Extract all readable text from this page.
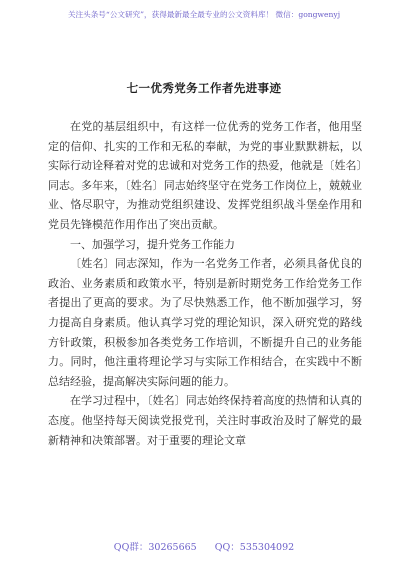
关注头条号“公文研究”，获得最新最全最专业的公文资料库！ 微信：gongwenyj
七一优秀党务工作者先进事迹

在党的基层组织中，有这样一位优秀的党务工作者，他用坚定的信仰、扎实的工作和无私的奉献，为党的事业默默耕耘，以实际行动诠释着对党的忠诚和对党务工作的热爱，他就是〔姓名〕同志。多年来，〔姓名〕同志始终坚守在党务工作岗位上，兢兢业业、恪尽职守，为推动党组织建设、发挥党组织战斗堡垒作用和党员先锋模范作用作出了突出贡献。

一、加强学习，提升党务工作能力

〔姓名〕同志深知，作为一名党务工作者，必须具备优良的政治、业务素质和政策水平，特别是新时期党务工作给党务工作者提出了更高的要求。为了尽快熟悉工作，他不断加强学习，努力提高自身素质。他认真学习党的理论知识，深入研究党的路线方针政策，积极参加各类党务工作培训，不断提升自己的业务能力。同时，他注重将理论学习与实际工作相结合，在实践中不断总结经验，提高解决实际问题的能力。

在学习过程中，〔姓名〕同志始终保持着高度的热情和认真的态度。他坚持每天阅读党报党刊，关注时事政治及时了解党的最新精神和决策部署。对于重要的理论文章

QQ群：30265665 QQ：535304092
